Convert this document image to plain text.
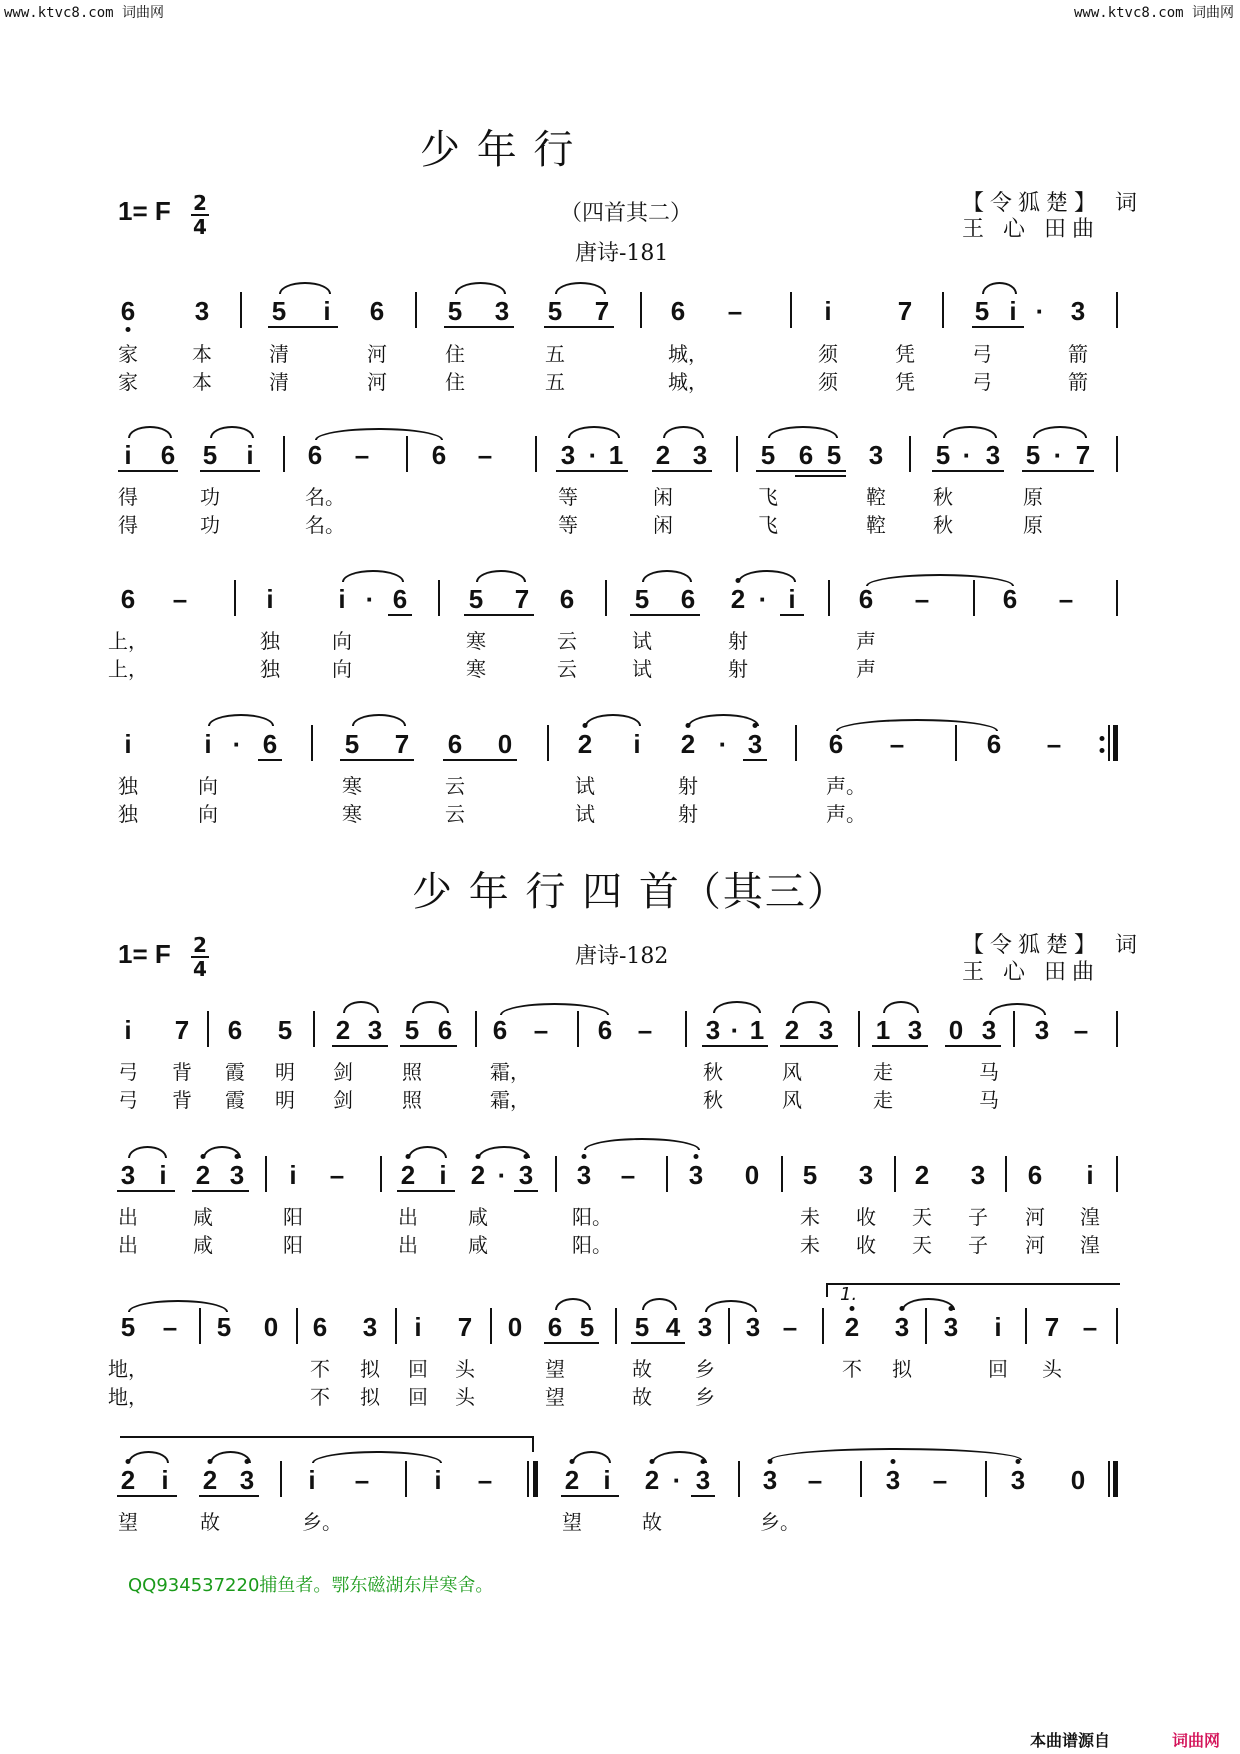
www.ktvc8.com 词曲网	www.ktvc8.com 词曲网
少 年 行
1= F 2
4
（四首其二）
唐诗-181
【令狐楚】 词
王 心 田曲
6 3 5 i 6 5 3 5 7 6 –	i	7 5 i · 3
家	本	清	河	住	五	城，	须	凭	弓	箭
家	本	清	河	住	五	城，	须	凭	弓	箭
i 6 5 i 6 – 6 –	3 · 1 2 3 5 6 5 3 5 · 3 5 · 7
得	功	名。	等	闲	飞	鞚 秋	原
得	功	名。	等	闲	飞	鞚 秋	原
6 –	i i · 6 5 7 6 5 6 2 · i 6 –	6 –
上，	独	向	寒	云	试	射	声
上，	独	向	寒	云	试	射	声
i	i · 6	5 7 6 0	2 i 2 · 3	6 –	6 –
独	向	寒	云	试	射	声。
独	向	寒	云	试	射	声。
少 年 行 四 首（其三）
1= F 2
4	唐诗-182	【令狐楚】 词
王 心 田曲
i 7 6 5 2 3 5 6 6 – 6 – 3 · 1 2 3 1 3 0 3 3 –
弓 背 霞 明 剑 照	霜，	秋	风	走	马
弓 背 霞 明 剑 照	霜，	秋	风	走	马
3 i 2 3 i – 2 i 2 · 3 3 – 3 0 5 3 2 3 6 i
出	咸	阳	出	咸	阳。	未 收 天 子 河 湟
出	咸	阳	出	咸	阳。	未 收 天 子 河 湟
5 – 5 0 6 3 i 7 0 6 5 5 4 3 3 –
1.
2 3 3 i 7 –
地，	不 拟 回 头	望	故 乡	不 拟	回 头
地，	不 拟 回 头	望	故 乡
2 i 2 3 i –	i –	2 i 2 · 3 3 – 3 – 3 0
望	故	乡。	望	故	乡。
QQ934537220捕鱼者。鄂东磁湖东岸寒舍。
本曲谱源自	词曲网
